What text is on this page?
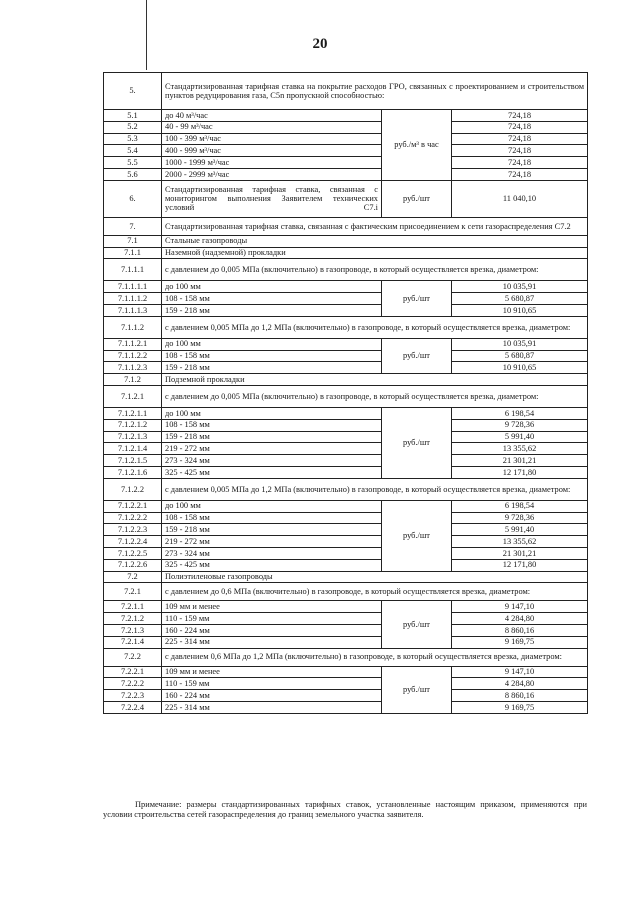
20
5.	Стандартизированная тарифная ставка на покрытие расходов ГРО, связанных с проектированием и строительством пунктов редуцирования газа, C5n пропускной способностью:		
5.1	до 40 м³/час	руб./м³ в час	724,18
5.2	40 - 99 м³/час		724,18
5.3	100 - 399 м³/час		724,18
5.4	400 - 999 м³/час		724,18
5.5	1000 - 1999 м³/час		724,18
5.6	2000 - 2999 м³/час		724,18
6.	Стандартизированная тарифная ставка, связанная с мониторингом выполнения Заявителем технических условий C7.i	руб./шт	11 040,10
7.	Стандартизированная тарифная ставка, связанная с фактическим присоединением к сети газораспределения C7.2		
7.1	Стальные газопроводы		
7.1.1	Наземной (надземной) прокладки		
7.1.1.1	с давлением до 0,005 МПа (включительно) в газопроводе, в который осуществляется врезка, диаметром:		
7.1.1.1.1	до 100 мм	руб./шт	10 035,91
7.1.1.1.2	108 - 158 мм		5 680,87
7.1.1.1.3	159 - 218 мм		10 910,65
7.1.1.2	с давлением 0,005 МПа до 1,2 МПа (включительно) в газопроводе, в который осуществляется врезка, диаметром:		
7.1.1.2.1	до 100 мм	руб./шт	10 035,91
7.1.1.2.2	108 - 158 мм		5 680,87
7.1.1.2.3	159 - 218 мм		10 910,65
7.1.2	Подземной прокладки		
7.1.2.1	с давлением до 0,005 МПа (включительно) в газопроводе, в который осуществляется врезка, диаметром:		
7.1.2.1.1	до 100 мм	руб./шт	6 198,54
7.1.2.1.2	108 - 158 мм		9 728,36
7.1.2.1.3	159 - 218 мм		5 991,40
7.1.2.1.4	219 - 272 мм		13 355,62
7.1.2.1.5	273 - 324 мм		21 301,21
7.1.2.1.6	325 - 425 мм		12 171,80
7.1.2.2	с давлением 0,005 МПа до 1,2 МПа (включительно) в газопроводе, в который осуществляется врезка, диаметром:		
7.1.2.2.1	до 100 мм	руб./шт	6 198,54
7.1.2.2.2	108 - 158 мм		9 728,36
7.1.2.2.3	159 - 218 мм		5 991,40
7.1.2.2.4	219 - 272 мм		13 355,62
7.1.2.2.5	273 - 324 мм		21 301,21
7.1.2.2.6	325 - 425 мм		12 171,80
7.2	Полиэтиленовые газопроводы		
7.2.1	с давлением до 0,6 МПа (включительно) в газопроводе, в который осуществляется врезка, диаметром:		
7.2.1.1	109 мм и менее	руб./шт	9 147,10
7.2.1.2	110 - 159 мм		4 284,80
7.2.1.3	160 - 224 мм		8 860,16
7.2.1.4	225 - 314 мм		9 169,75
7.2.2	с давлением 0,6 МПа до 1,2 МПа (включительно) в газопроводе, в который осуществляется врезка, диаметром:		
7.2.2.1	109 мм и менее	руб./шт	9 147,10
7.2.2.2	110 - 159 мм		4 284,80
7.2.2.3	160 - 224 мм		8 860,16
7.2.2.4	225 - 314 мм		9 169,75
Примечание: размеры стандартизированных тарифных ставок, установленные настоящим приказом, применяются при условии строительства сетей газораспределения до границ земельного участка заявителя.
